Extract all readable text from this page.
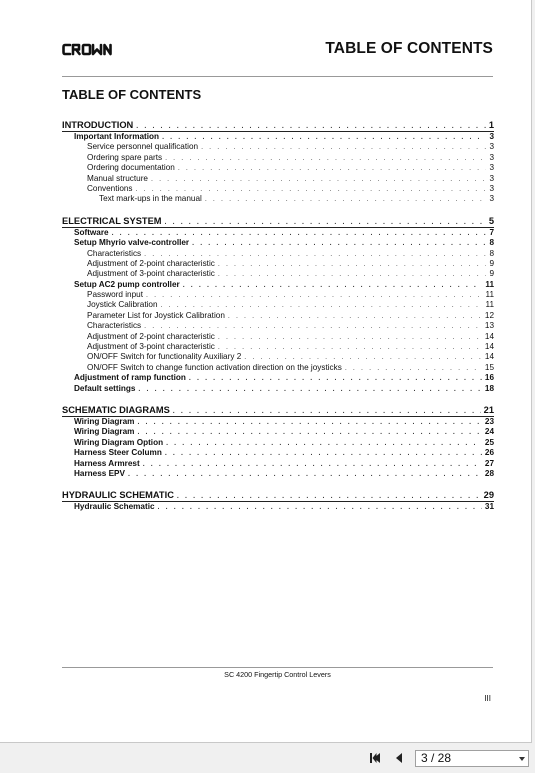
TABLE OF CONTENTS
TABLE OF CONTENTS
INTRODUCTION . . .	1
Important Information . . .	3
Service personnel qualification . . .	3
Ordering spare parts . . .	3
Ordering documentation . . .	3
Manual structure . . .	3
Conventions . . .	3
Text mark-ups in the manual . . .	3
ELECTRICAL SYSTEM . . .	5
Software . . .	7
Setup Mhyrio valve-controller . . .	8
Characteristics . . .	8
Adjustment of 2-point characteristic . . .	9
Adjustment of 3-point characteristic . . .	9
Setup AC2 pump controller . . .	11
Password input . . .	11
Joystick Calibration . . .	11
Parameter List for Joystick Calibration . . .	12
Characteristics . . .	13
Adjustment of 2-point characteristic . . .	14
Adjustment of 3-point characteristic . . .	14
ON/OFF Switch for functionality Auxiliary 2 . . .	14
ON/OFF Switch to change function activation direction on the joysticks . . .	15
Adjustment of ramp function . . .	16
Default settings . . .	18
SCHEMATIC DIAGRAMS . . .	21
Wiring Diagram . . .	23
Wiring Diagram . . .	24
Wiring Diagram Option . . .	25
Harness Steer Column . . .	26
Harness Armrest . . .	27
Harness EPV . . .	28
HYDRAULIC SCHEMATIC . . .	29
Hydraulic Schematic . . .	31
SC 4200 Fingertip Control Levers
III
3 / 28
